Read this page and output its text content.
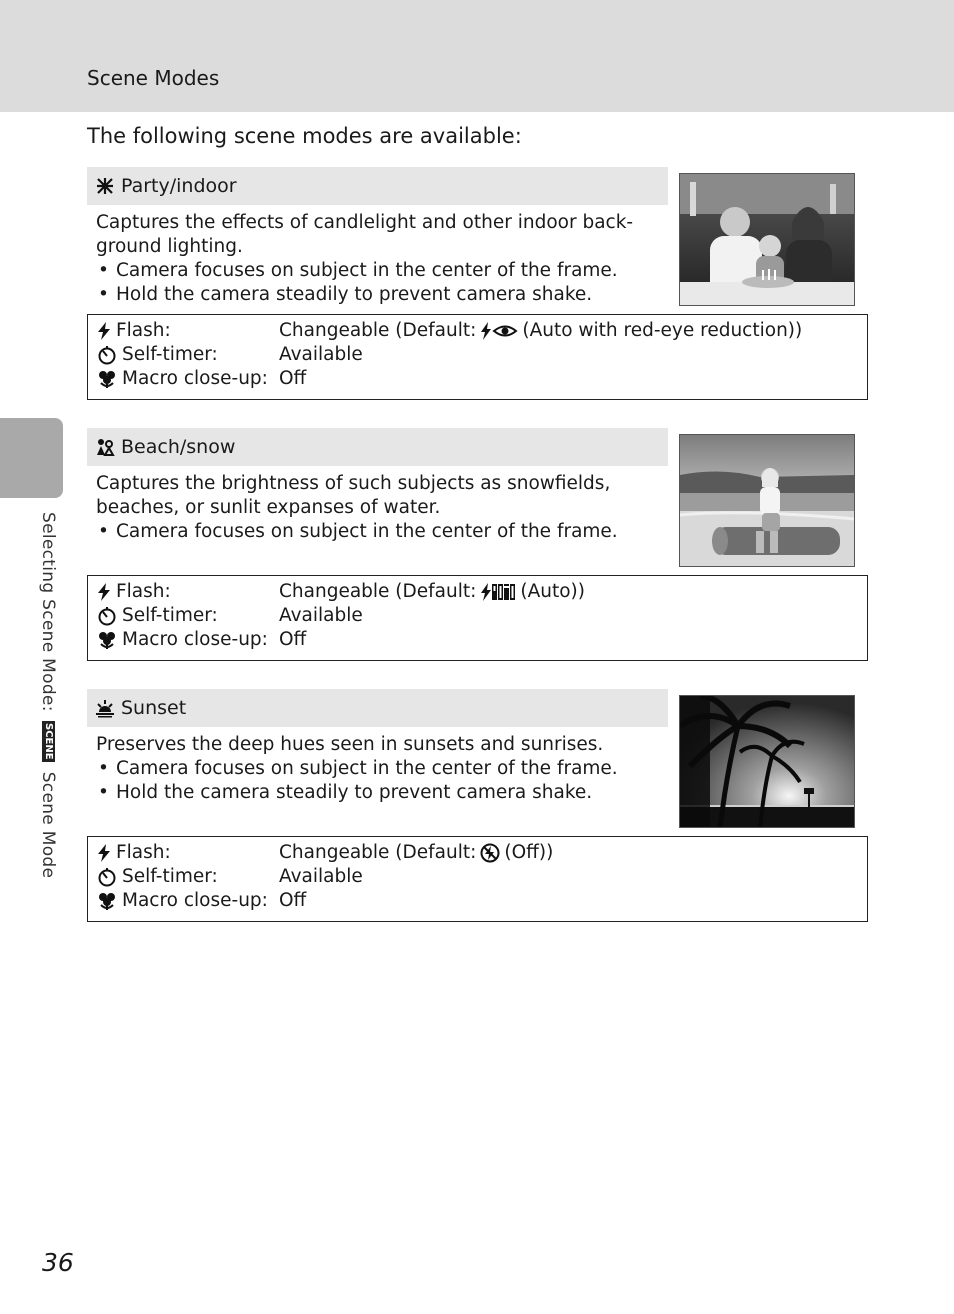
Scene Modes
Selecting Scene Mode: SCENE Scene Mode
The following scene modes are available:
Party/indoor

Captures the effects of candlelight and other indoor back-ground lighting.

• Camera focuses on subject in the center of the frame.
• Hold the camera steadily to prevent camera shake.
Flash:	Changeable (Default: (Auto with red-eye reduction))
Self-timer:	Available
Macro close-up: Off
Beach/snow

Captures the brightness of such subjects as snowfields, beaches, or sunlit expanses of water.

• Camera focuses on subject in the center of the frame.
Flash:	Changeable (Default: (Auto))
Self-timer:	Available
Macro close-up: Off
Sunset

Preserves the deep hues seen in sunsets and sunrises.

• Camera focuses on subject in the center of the frame.
• Hold the camera steadily to prevent camera shake.
Flash:	Changeable (Default: (Off))
Self-timer:	Available
Macro close-up: Off
36
